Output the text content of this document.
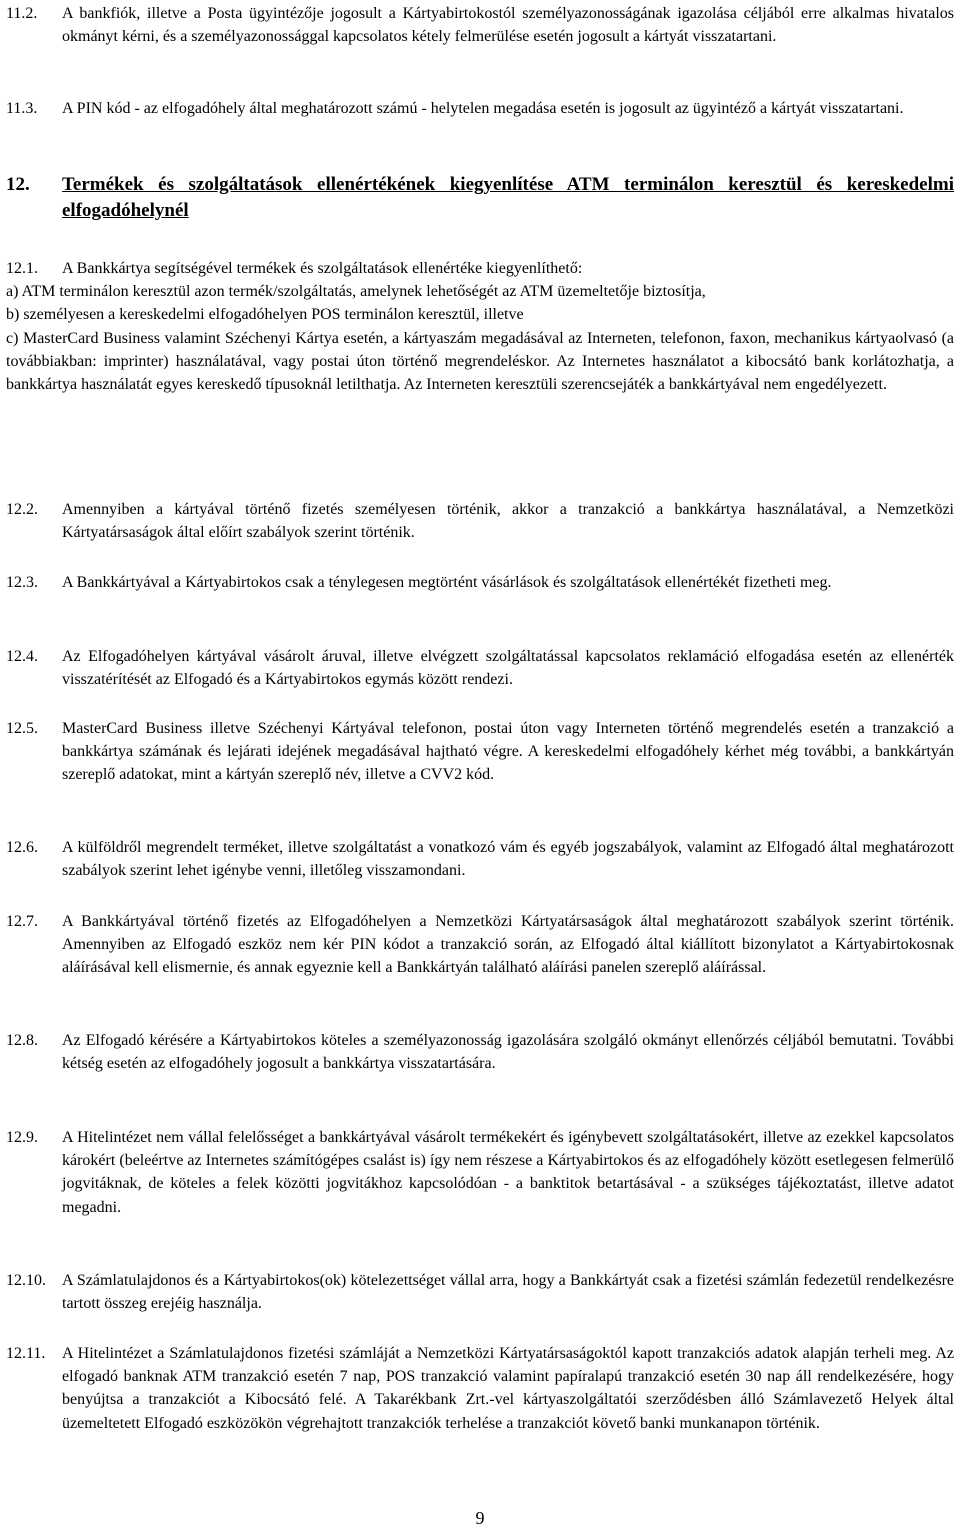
11.2.	A bankfiók, illetve a Posta ügyintézője jogosult a Kártyabirtokostól személyazonosságának igazolása céljából erre alkalmas hivatalos okmányt kérni, és a személyazonossággal kapcsolatos kétely felmerülése esetén jogosult a kártyát visszatartani.

11.3.	A PIN kód - az elfogadóhely által meghatározott számú - helytelen megadása esetén is jogosult az ügyintéző a kártyát visszatartani.

12.	Termékek és szolgáltatások ellenértékének kiegyenlítése ATM terminálon keresztül és kereskedelmi elfogadóhelynél
12.1.	A Bankkártya segítségével termékek és szolgáltatások ellenértéke kiegyenlíthető:

a) ATM terminálon keresztül azon termék/szolgáltatás, amelynek lehetőségét az ATM üzemeltetője biztosítja,

b) személyesen a kereskedelmi elfogadóhelyen POS terminálon keresztül, illetve

c) MasterCard Business valamint Széchenyi Kártya esetén, a kártyaszám megadásával az Interneten, telefonon, faxon, mechanikus kártyaolvasó (a továbbiakban: imprinter) használatával, vagy postai úton történő megrendeléskor. Az Internetes használatot a kibocsátó bank korlátozhatja, a bankkártya használatát egyes kereskedő típusoknál letilthatja. Az Interneten keresztüli szerencsejáték a bankkártyával nem engedélyezett.

12.2.	Amennyiben a kártyával történő fizetés személyesen történik, akkor a tranzakció a bankkártya használatával, a Nemzetközi Kártyatársaságok által előírt szabályok szerint történik.

12.3.	A Bankkártyával a Kártyabirtokos csak a ténylegesen megtörtént vásárlások és szolgáltatások ellenértékét fizetheti meg.

12.4.	Az Elfogadóhelyen kártyával vásárolt áruval, illetve elvégzett szolgáltatással kapcsolatos reklamáció elfogadása esetén az ellenérték visszatérítését az Elfogadó és a Kártyabirtokos egymás között rendezi.

12.5.	MasterCard Business illetve Széchenyi Kártyával telefonon, postai úton vagy Interneten történő megrendelés esetén a tranzakció a bankkártya számának és lejárati idejének megadásával hajtható végre. A kereskedelmi elfogadóhely kérhet még további, a bankkártyán szereplő adatokat, mint a kártyán szereplő név, illetve a CVV2 kód.

12.6.	A külföldről megrendelt terméket, illetve szolgáltatást a vonatkozó vám és egyéb jogszabályok, valamint az Elfogadó által meghatározott szabályok szerint lehet igénybe venni, illetőleg visszamondani.

12.7.	A Bankkártyával történő fizetés az Elfogadóhelyen a Nemzetközi Kártyatársaságok által meghatározott szabályok szerint történik. Amennyiben az Elfogadó eszköz nem kér PIN kódot a tranzakció során, az Elfogadó által kiállított bizonylatot a Kártyabirtokosnak aláírásával kell elismernie, és annak egyeznie kell a Bankkártyán található aláírási panelen szereplő aláírással.

12.8.	Az Elfogadó kérésére a Kártyabirtokos köteles a személyazonosság igazolására szolgáló okmányt ellenőrzés céljából bemutatni. További kétség esetén az elfogadóhely jogosult a bankkártya visszatartására.

12.9.	A Hitelintézet nem vállal felelősséget a bankkártyával vásárolt termékekért és igénybevett szolgáltatásokért, illetve az ezekkel kapcsolatos károkért (beleértve az Internetes számítógépes csalást is) így nem részese a Kártyabirtokos és az elfogadóhely között esetlegesen felmerülő jogvitáknak, de köteles a felek közötti jogvitákhoz kapcsolódóan - a banktitok betartásával - a szükséges tájékoztatást, illetve adatot megadni.

12.10.	A Számlatulajdonos és a Kártyabirtokos(ok) kötelezettséget vállal arra, hogy a Bankkártyát csak a fizetési számlán fedezetül rendelkezésre tartott összeg erejéig használja.

12.11.	A Hitelintézet a Számlatulajdonos fizetési számláját a Nemzetközi Kártyatársaságoktól kapott tranzakciós adatok alapján terheli meg. Az elfogadó banknak ATM tranzakció esetén 7 nap, POS tranzakció valamint papíralapú tranzakció esetén 30 nap áll rendelkezésére, hogy benyújtsa a tranzakciót a Kibocsátó felé. A Takarékbank Zrt.-vel kártyaszolgáltatói szerződésben álló Számlavezető Helyek által üzemeltetett Elfogadó eszközökön végrehajtott tranzakciók terhelése a tranzakciót követő banki munkanapon történik.

9
